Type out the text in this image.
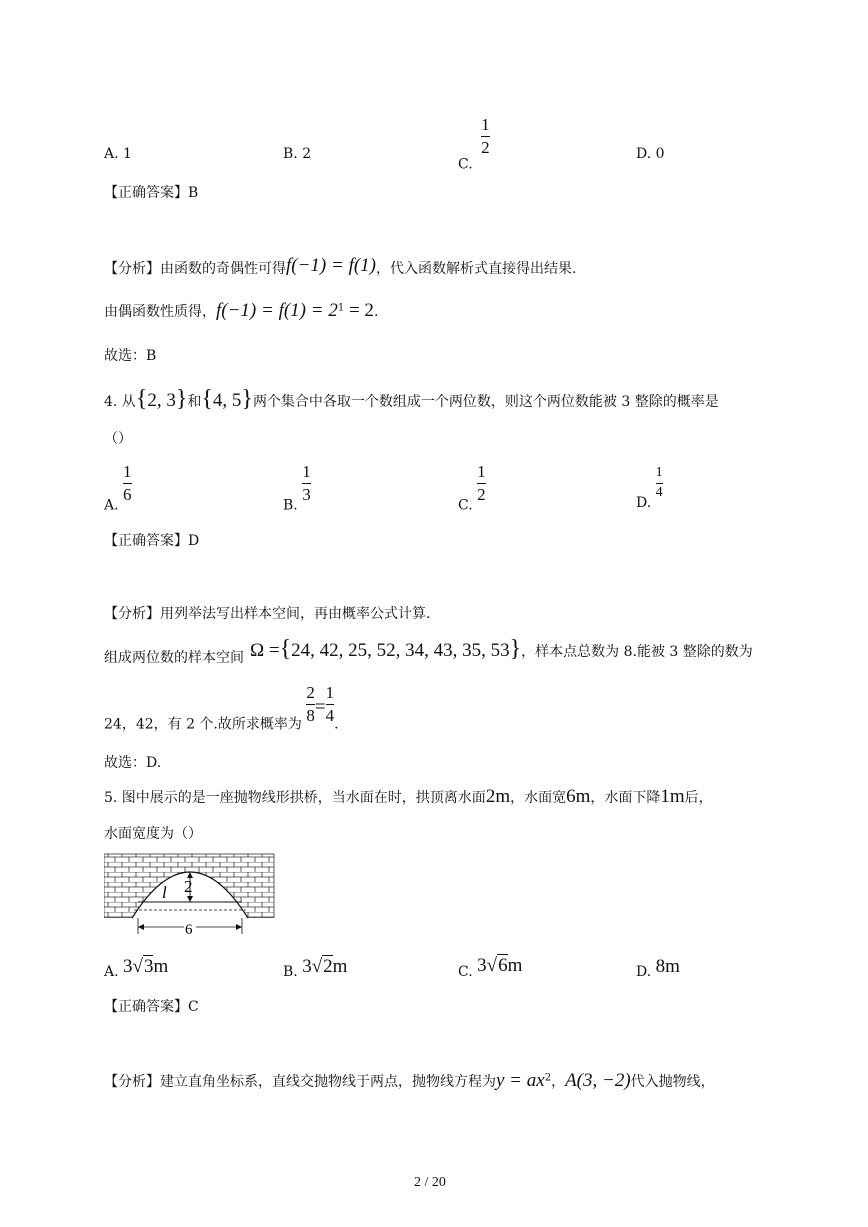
A. 1	B. 2
C.
$\frac{1}{2}$	D. 0
【正确答案】B
【分析】由函数的奇偶性可得f(−1) = f(1)，代入函数解析式直接得出结果.
由偶函数性质得，$f(-1) = f(1) = 2^1 = 2$.
故选：B
4. 从{2, 3}和{4, 5}两个集合中各取一个数组成一个两位数，则这个两位数能被 3 整除的概率是
（）
A.
$\frac{1}{6}$
B.
$\frac{1}{3}$
C.
$\frac{1}{2}$	D.
$\frac{1}{4}$
【正确答案】D
【分析】用列举法写出样本空间，再由概率公式计算.
组成两位数的样本空间 Ω ={24, 42, 25, 52, 34, 43, 35, 53}，样本点总数为 8.能被 3 整除的数为
24，42，有 2 个.故所求概率为 $\frac{2}{8} = \frac{1}{4}$ .
故选：D.
5. 图中展示的是一座抛物线形拱桥，当水面在时，拱顶离水面2m，水面宽6m，水面下降1m后，
水面宽度为（）
2
l
6
A. 3√3m	B. 3√2m	C. 3√6m	D. 8m
【正确答案】C
【分析】建立直角坐标系，直线交抛物线于两点，抛物线方程为$y = ax^2$，A(3, −2)代入抛物线，
2 / 20
